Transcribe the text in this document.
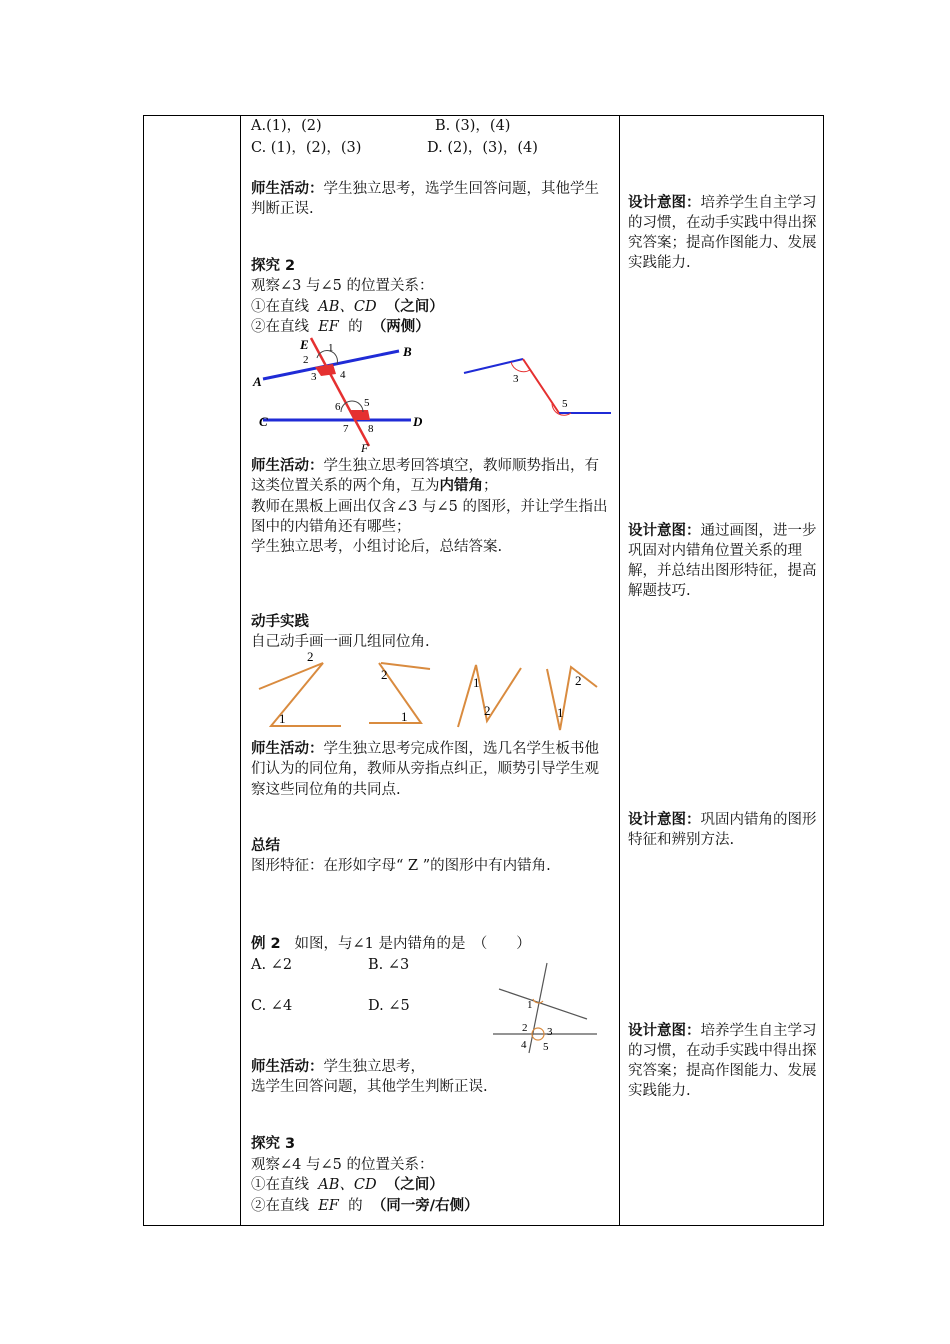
A.(1)，(2)	B. (3)，(4)
C. (1)，(2)，(3)	D. (2)，(3)，(4)
师生活动：学生独立思考，选学生回答问题，其他学生判断正误.
探究 2
观察∠3 与∠5 的位置关系：
①在直线 AB、CD （之间）
②在直线 EF 的 （两侧）
E	B
A
C	D
F
1
2
3 4
5
6
7 8
3
5
师生活动：学生独立思考回答填空，教师顺势指出，有这类位置关系的两个角，互为内错角；
教师在黑板上画出仅含∠3 与∠5 的图形，并让学生指出图中的内错角还有哪些；
学生独立思考，小组讨论后，总结答案.
动手实践
自己动手画一画几组同位角.
2
1
2
1
1
2	1
2
师生活动：学生独立思考完成作图，选几名学生板书他们认为的同位角，教师从旁指点纠正，顺势引导学生观察这些同位角的共同点.
总结
图形特征：在形如字母“ Z ”的图形中有内错角.
例 2 如图，与∠1 是内错角的是　（　　）
A. ∠2	B. ∠3
C. ∠4	D. ∠5	1
2 3
4 5
师生活动：学生独立思考，
选学生回答问题，其他学生判断正误.
探究 3
观察∠4 与∠5 的位置关系：
①在直线 AB、CD （之间）
②在直线 EF 的 （同一旁/右侧）
设计意图：培养学生自主学习的习惯，在动手实践中得出探究答案；提高作图能力、发展实践能力.
设计意图：通过画图，进一步巩固对内错角位置关系的理解，并总结出图形特征，提高解题技巧.
设计意图：巩固内错角的图形特征和辨别方法.
设计意图：培养学生自主学习的习惯，在动手实践中得出探究答案；提高作图能力、发展实践能力.
